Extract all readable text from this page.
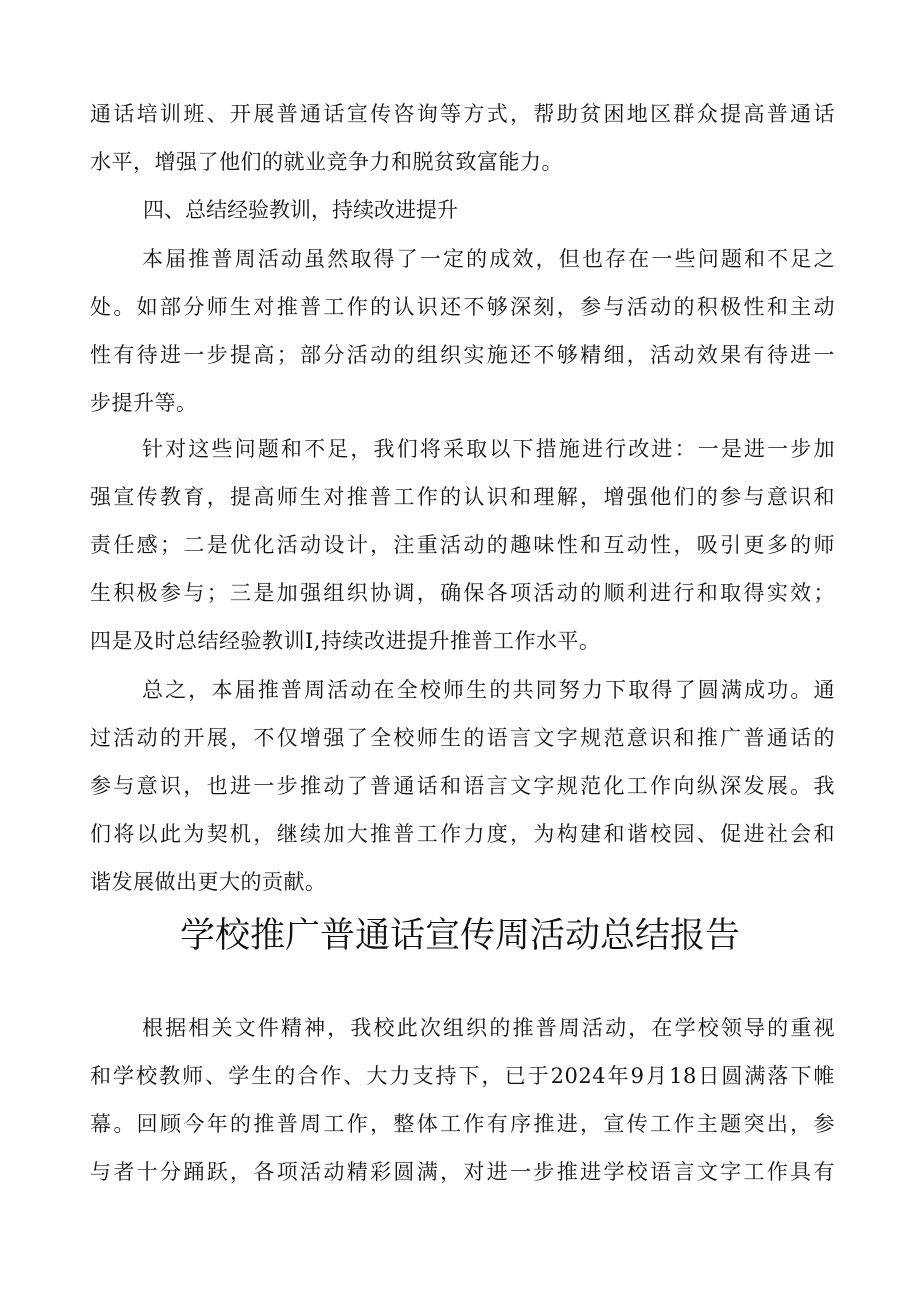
通话培训班、开展普通话宣传咨询等方式，帮助贫困地区群众提高普通话
水平，增强了他们的就业竞争力和脱贫致富能力。
四、总结经验教训，持续改进提升
本届推普周活动虽然取得了一定的成效，但也存在一些问题和不足之
处。如部分师生对推普工作的认识还不够深刻，参与活动的积极性和主动
性有待进一步提高；部分活动的组织实施还不够精细，活动效果有待进一
步提升等。
针对这些问题和不足，我们将采取以下措施进行改进：一是进一步加
强宣传教育，提高师生对推普工作的认识和理解，增强他们的参与意识和
责任感；二是优化活动设计，注重活动的趣味性和互动性，吸引更多的师
生积极参与；三是加强组织协调，确保各项活动的顺利进行和取得实效；
四是及时总结经验教训Ⅰ,持续改进提升推普工作水平。
总之，本届推普周活动在全校师生的共同努力下取得了圆满成功。通
过活动的开展，不仅增强了全校师生的语言文字规范意识和推广普通话的
参与意识，也进一步推动了普通话和语言文字规范化工作向纵深发展。我
们将以此为契机，继续加大推普工作力度，为构建和谐校园、促进社会和
谐发展做出更大的贡献。
学校推广普通话宣传周活动总结报告
根据相关文件精神，我校此次组织的推普周活动，在学校领导的重视
和学校教师、学生的合作、大力支持下，已于2024年9月18日圆满落下帷
幕。回顾今年的推普周工作，整体工作有序推进，宣传工作主题突出，参
与者十分踊跃，各项活动精彩圆满，对进一步推进学校语言文字工作具有
